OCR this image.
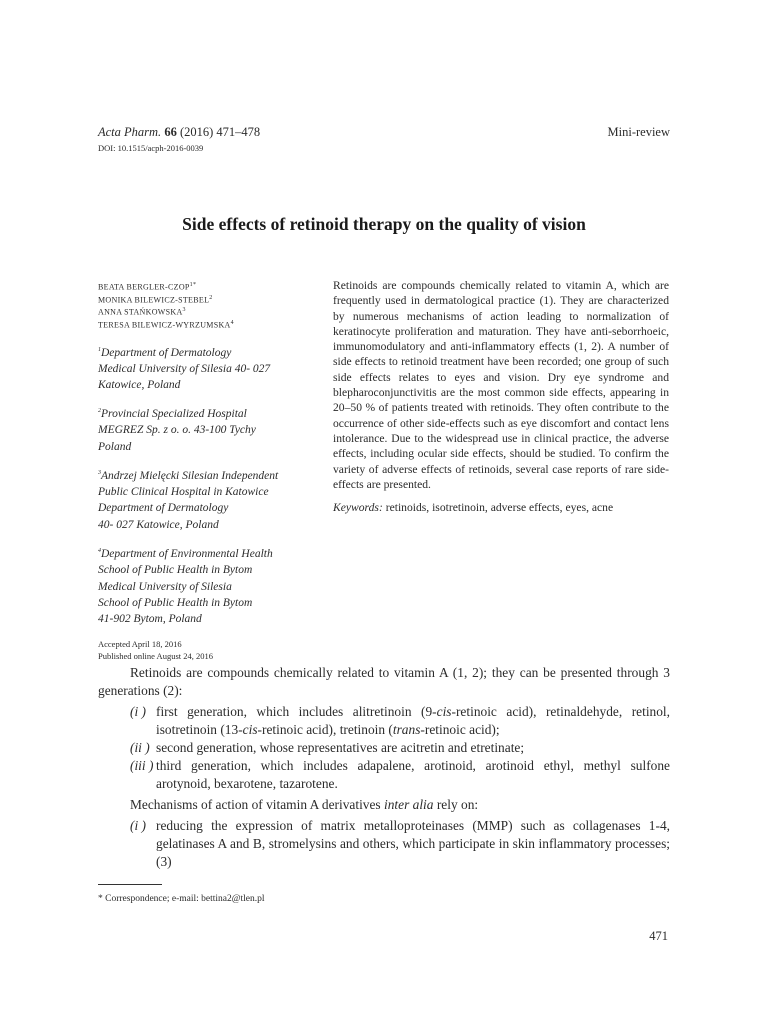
Acta Pharm. 66 (2016) 471–478
DOI: 10.1515/acph-2016-0039
Mini-review
Side effects of retinoid therapy on the quality of vision
BEATA BERGLER-$CZOP^{1*}$
MONIKA BILEWICZ-STEBEL$^2$
ANNA STAŃKOWSKA$^3$
TERESA BILEWICZ-WYRZUMSKA$^4$
$^1$Department of Dermatology
Medical University of Silesia 40- 027
Katowice, Poland
$^2$Provincial Specialized Hospital
MEGREZ Sp. z o. o. 43-100 Tychy
Poland
$^3$Andrzej Mielęcki Silesian Independent
Public Clinical Hospital in Katowice
Department of Dermatology
40- 027 Katowice, Poland
$^4$Department of Environmental Health
School of Public Health in Bytom
Medical University of Silesia
School of Public Health in Bytom
41-902 Bytom, Poland
Accepted April 18, 2016
Published online August 24, 2016
Retinoids are compounds chemically related to vitamin A, which are frequently used in dermatological practice (1). They are characterized by numerous mechanisms of action leading to normalization of keratinocyte proliferation and maturation. They have anti-seborrhoeic, immunomodulatory and anti-inflammatory effects (1, 2). A number of side effects to retinoid treatment have been recorded; one group of such side effects relates to eyes and vision. Dry eye syndrome and blepharoconjunctivitis are the most common side effects, appearing in 20–50 % of patients treated with retinoids. They often contribute to the occurrence of other side-effects such as eye discomfort and contact lens intolerance. Due to the widespread use in clinical practice, the adverse effects, including ocular side effects, should be studied. To confirm the variety of adverse effects of retinoids, several case reports of rare side-effects are presented.
Keywords: retinoids, isotretinoin, adverse effects, eyes, acne

Retinoids are compounds chemically related to vitamin A (1, 2); they can be presented through 3 generations (2):

(i ) first generation, which includes alitretinoin (9-cis-retinoic acid), retinaldehyde, retinol, isotretinoin (13-cis-retinoic acid), tretinoin (trans-retinoic acid);
(ii ) second generation, whose representatives are acitretin and etretinate;
(iii ) third generation, which includes adapalene, arotinoid, arotinoid ethyl, methyl sulfone arotynoid, bexarotene, tazarotene.

Mechanisms of action of vitamin A derivatives inter alia rely on:

(i ) reducing the expression of matrix metalloproteinases (MMP) such as collagenases 1-4, gelatinases A and B, stromelysins and others, which participate in skin inflammatory processes; (3)
* Correspondence; e-mail: bettina2@tlen.pl
471
